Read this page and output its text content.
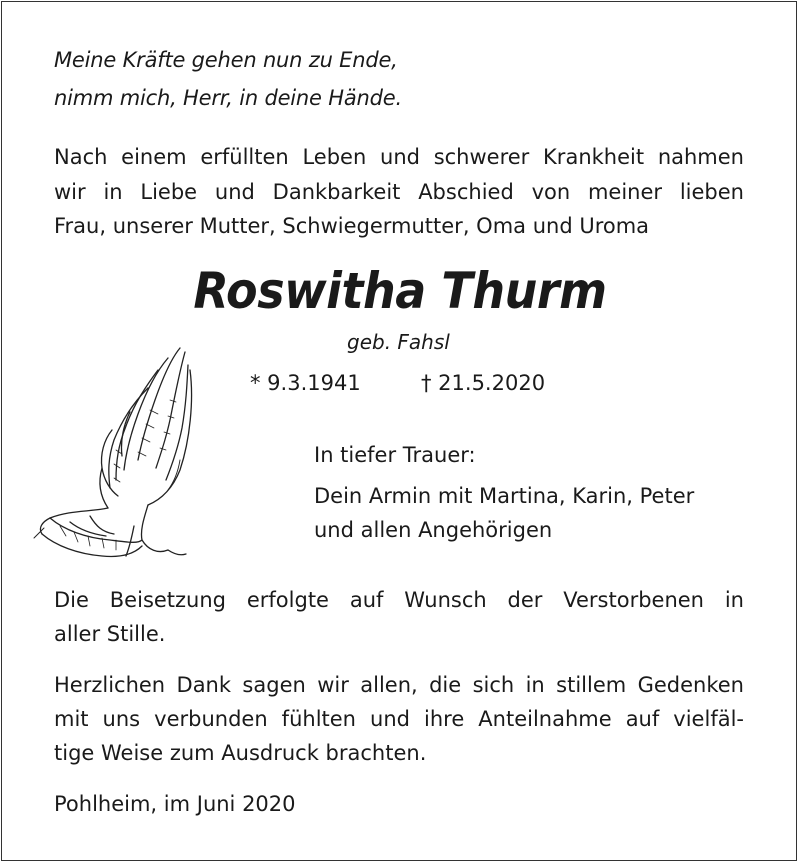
Meine Kräfte gehen nun zu Ende,
nimm mich, Herr, in deine Hände.
Nach einem erfüllten Leben und schwerer Krankheit nahmen
wir in Liebe und Dankbarkeit Abschied von meiner lieben
Frau, unserer Mutter, Schwiegermutter, Oma und Uroma
Roswitha Thurm
geb. Fahsl
* 9.3.1941	† 21.5.2020
In tiefer Trauer:
Dein Armin mit Martina, Karin, Peter
und allen Angehörigen
Die Beisetzung erfolgte auf Wunsch der Verstorbenen in
aller Stille.
Herzlichen Dank sagen wir allen, die sich in stillem Gedenken
mit uns verbunden fühlten und ihre Anteilnahme auf vielfäl-
tige Weise zum Ausdruck brachten.
Pohlheim, im Juni 2020
